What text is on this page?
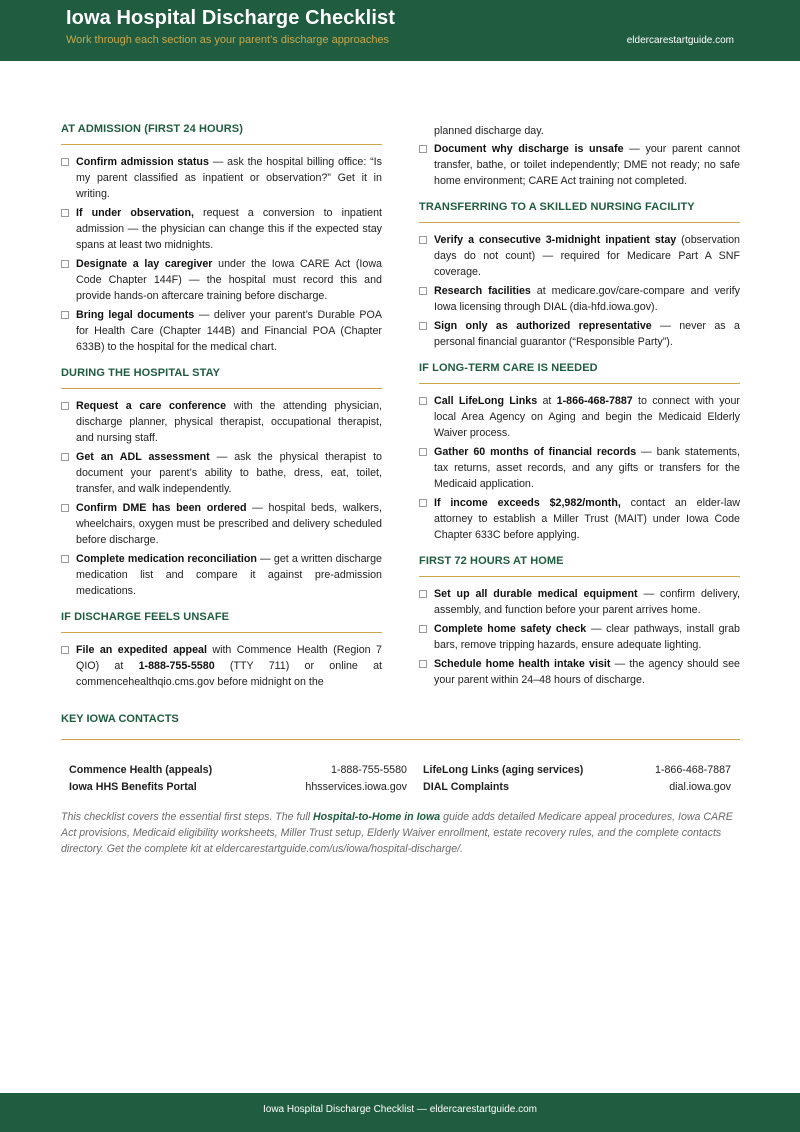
Iowa Hospital Discharge Checklist
Work through each section as your parent’s discharge approaches	eldercarestartguide.com
AT ADMISSION (FIRST 24 HOURS)
Confirm admission status — ask the hospital billing office: “Is my parent classified as inpatient or observation?” Get it in writing.
If under observation, request a conversion to inpatient admission — the physician can change this if the expected stay spans at least two midnights.
Designate a lay caregiver under the Iowa CARE Act (Iowa Code Chapter 144F) — the hospital must record this and provide hands-on aftercare training before discharge.
Bring legal documents — deliver your parent’s Durable POA for Health Care (Chapter 144B) and Financial POA (Chapter 633B) to the hospital for the medical chart.
DURING THE HOSPITAL STAY
Request a care conference with the attending physician, discharge planner, physical therapist, occupational therapist, and nursing staff.
Get an ADL assessment — ask the physical therapist to document your parent’s ability to bathe, dress, eat, toilet, transfer, and walk independently.
Confirm DME has been ordered — hospital beds, walkers, wheelchairs, oxygen must be prescribed and delivery scheduled before discharge.
Complete medication reconciliation — get a written discharge medication list and compare it against pre-admission medications.
IF DISCHARGE FEELS UNSAFE
File an expedited appeal with Commence Health (Region 7 QIO) at 1-888-755-5580 (TTY 711) or online at commencehealthqio.cms.gov before midnight on the
planned discharge day.
Document why discharge is unsafe — your parent cannot transfer, bathe, or toilet independently; DME not ready; no safe home environment; CARE Act training not completed.
TRANSFERRING TO A SKILLED NURSING FACILITY
Verify a consecutive 3-midnight inpatient stay (observation days do not count) — required for Medicare Part A SNF coverage.
Research facilities at medicare.gov/care-compare and verify Iowa licensing through DIAL (dia-hfd.iowa.gov).
Sign only as authorized representative — never as a personal financial guarantor (“Responsible Party”).
IF LONG-TERM CARE IS NEEDED
Call LifeLong Links at 1-866-468-7887 to connect with your local Area Agency on Aging and begin the Medicaid Elderly Waiver process.
Gather 60 months of financial records — bank statements, tax returns, asset records, and any gifts or transfers for the Medicaid application.
If income exceeds $2,982/month, contact an elder-law attorney to establish a Miller Trust (MAIT) under Iowa Code Chapter 633C before applying.
FIRST 72 HOURS AT HOME
Set up all durable medical equipment — confirm delivery, assembly, and function before your parent arrives home.
Complete home safety check — clear pathways, install grab bars, remove tripping hazards, ensure adequate lighting.
Schedule home health intake visit — the agency should see your parent within 24–48 hours of discharge.
KEY IOWA CONTACTS
Commence Health (appeals)	1-888-755-5580 LifeLong Links (aging services)	1-866-468-7887
Iowa HHS Benefits Portal	hhsservices.iowa.gov DIAL Complaints	dial.iowa.gov
This checklist covers the essential first steps. The full Hospital-to-Home in Iowa guide adds detailed Medicare appeal procedures, Iowa CARE Act provisions, Medicaid eligibility worksheets, Miller Trust setup, Elderly Waiver enrollment, estate recovery rules, and the complete contacts directory. Get the complete kit at eldercarestartguide.com/us/iowa/hospital-discharge/.
Iowa Hospital Discharge Checklist — eldercarestartguide.com
